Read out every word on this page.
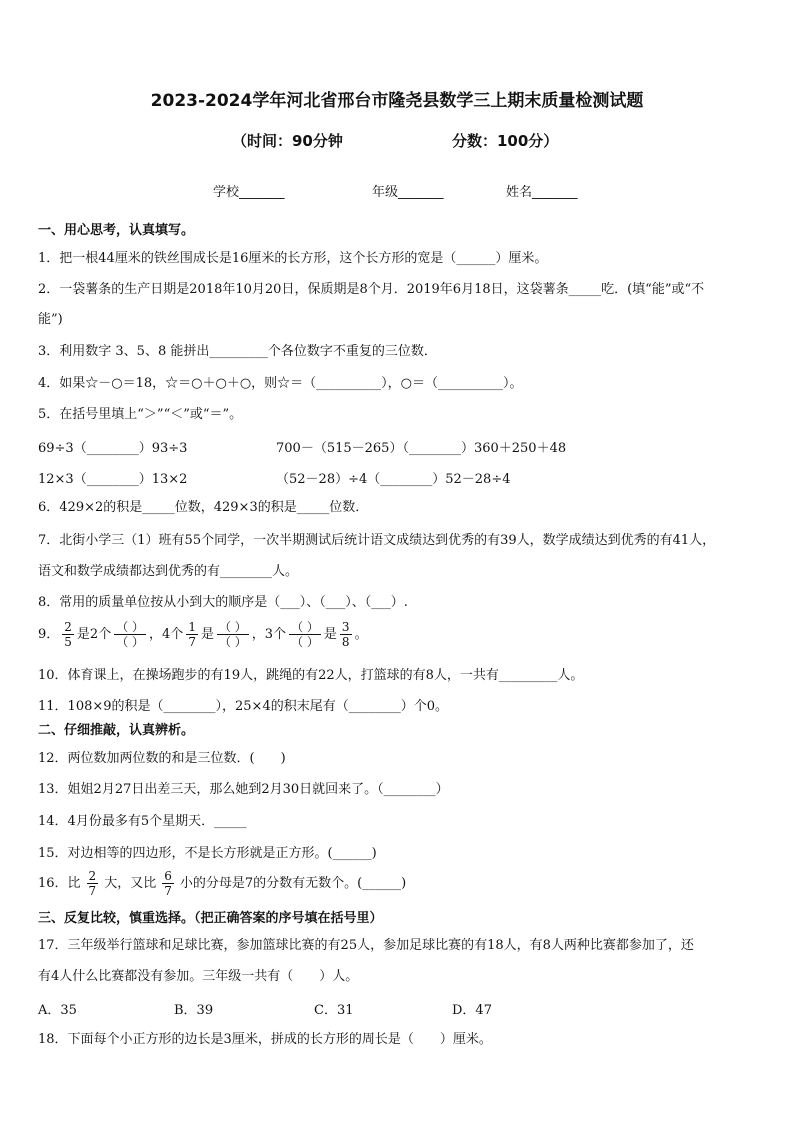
2023-2024学年河北省邢台市隆尧县数学三上期末质量检测试题
（时间：90分钟	分数：100分）
学校_______	年级_______	姓名_______
一、用心思考，认真填写。
1．把一根44厘米的铁丝围成长是16厘米的长方形，这个长方形的宽是（______）厘米。
2．一袋薯条的生产日期是2018年10月20日，保质期是8个月．2019年6月18日，这袋薯条_____吃．(填“能”或“不
能”)
3．利用数字 3、5、8 能拼出_________个各位数字不重复的三位数．
4．如果☆－○＝18，☆＝○＋○＋○，则☆＝（__________），○＝（__________）。
5．在括号里填上“＞”“＜”或“＝”。
69÷3（________）93÷3	700－（515－265）（________）360＋250＋48
12×3（________）13×2	（52－28）÷4（________）52－28÷4
6．429×2的积是_____位数，429×3的积是_____位数．
7．北街小学三（1）班有55个同学，一次半期测试后统计语文成绩达到优秀的有39人，数学成绩达到优秀的有41人，
语文和数学成绩都达到优秀的有________人。
8．常用的质量单位按从小到大的顺序是（___）、（___）、（___）.
9． $\frac{2}{5}$ 是2个 $\frac{( )}{( )}$ ，4个 $\frac{1}{7}$ 是 $\frac{( )}{( )}$ ，3个 $\frac{( )}{( )}$ 是 $\frac{3}{8}$ 。
10．体育课上，在操场跑步的有19人，跳绳的有22人，打篮球的有8人，一共有_________人。
11．108×9的积是（________），25×4的积末尾有（________）个0。
二、仔细推敲，认真辨析。
12．两位数加两位数的和是三位数．(　　)
13．姐姐2月27日出差三天，那么她到2月30日就回来了。（________）
14．4月份最多有5个星期天．_____
15．对边相等的四边形，不是长方形就是正方形。(______)
16．比 $\frac{2}{7}$ 大，又比 $\frac{6}{7}$ 小的分母是7的分数有无数个。(______)
三、反复比较，慎重选择。（把正确答案的序号填在括号里）
17．三年级举行篮球和足球比赛，参加篮球比赛的有25人，参加足球比赛的有18人，有8人两种比赛都参加了，还
有4人什么比赛都没有参加。三年级一共有（　　）人。
A．35	B．39	C．31	D．47
18．下面每个小正方形的边长是3厘米，拼成的长方形的周长是（　　）厘米。
